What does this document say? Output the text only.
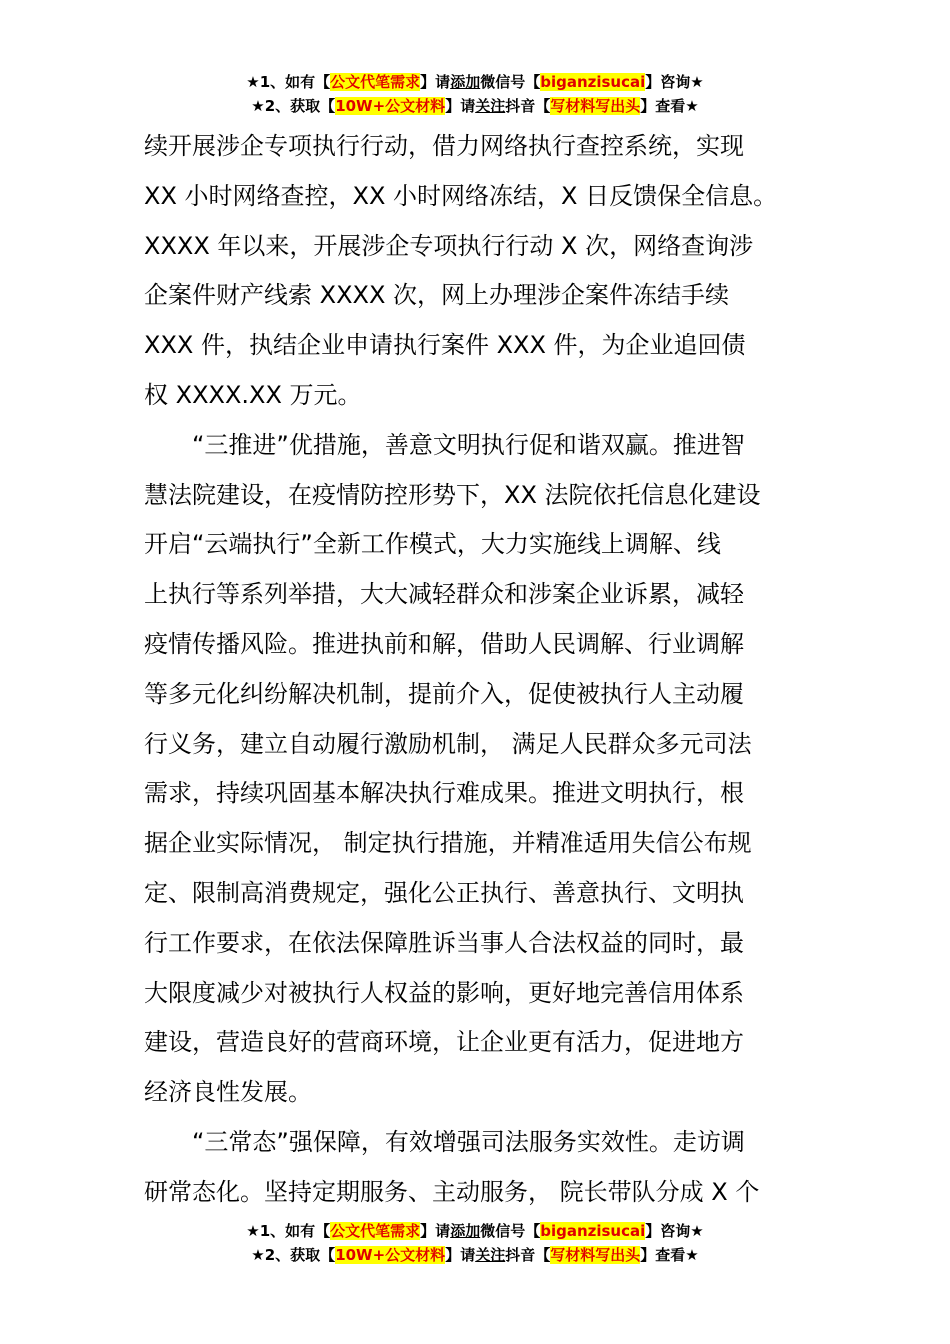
★1、如有【公文代笔需求】请添加微信号【biganzisucai】咨询★
★2、获取【10W+公文材料】请关注抖音【写材料写出头】查看★
续开展涉企专项执行行动，借力网络执行查控系统，实现
XX 小时网络查控，XX 小时网络冻结，X 日反馈保全信息。
XXXX 年以来，开展涉企专项执行行动 X 次，网络查询涉
企案件财产线索 XXXX 次，网上办理涉企案件冻结手续
XXX 件，执结企业申请执行案件 XXX 件，为企业追回债
权 XXXX.XX 万元。
“三推进”优措施，善意文明执行促和谐双赢。推进智
慧法院建设，在疫情防控形势下，XX 法院依托信息化建设
开启“云端执行”全新工作模式，大力实施线上调解、线
上执行等系列举措，大大减轻群众和涉案企业诉累，减轻
疫情传播风险。推进执前和解，借助人民调解、行业调解
等多元化纠纷解决机制，提前介入，促使被执行人主动履
行义务，建立自动履行激励机制， 满足人民群众多元司法
需求，持续巩固基本解决执行难成果。推进文明执行，根
据企业实际情况， 制定执行措施，并精准适用失信公布规
定、限制高消费规定，强化公正执行、善意执行、文明执
行工作要求，在依法保障胜诉当事人合法权益的同时，最
大限度减少对被执行人权益的影响，更好地完善信用体系
建设，营造良好的营商环境，让企业更有活力，促进地方
经济良性发展。
“三常态”强保障，有效增强司法服务实效性。走访调
研常态化。坚持定期服务、主动服务， 院长带队分成 X 个
★1、如有【公文代笔需求】请添加微信号【biganzisucai】咨询★
★2、获取【10W+公文材料】请关注抖音【写材料写出头】查看★
